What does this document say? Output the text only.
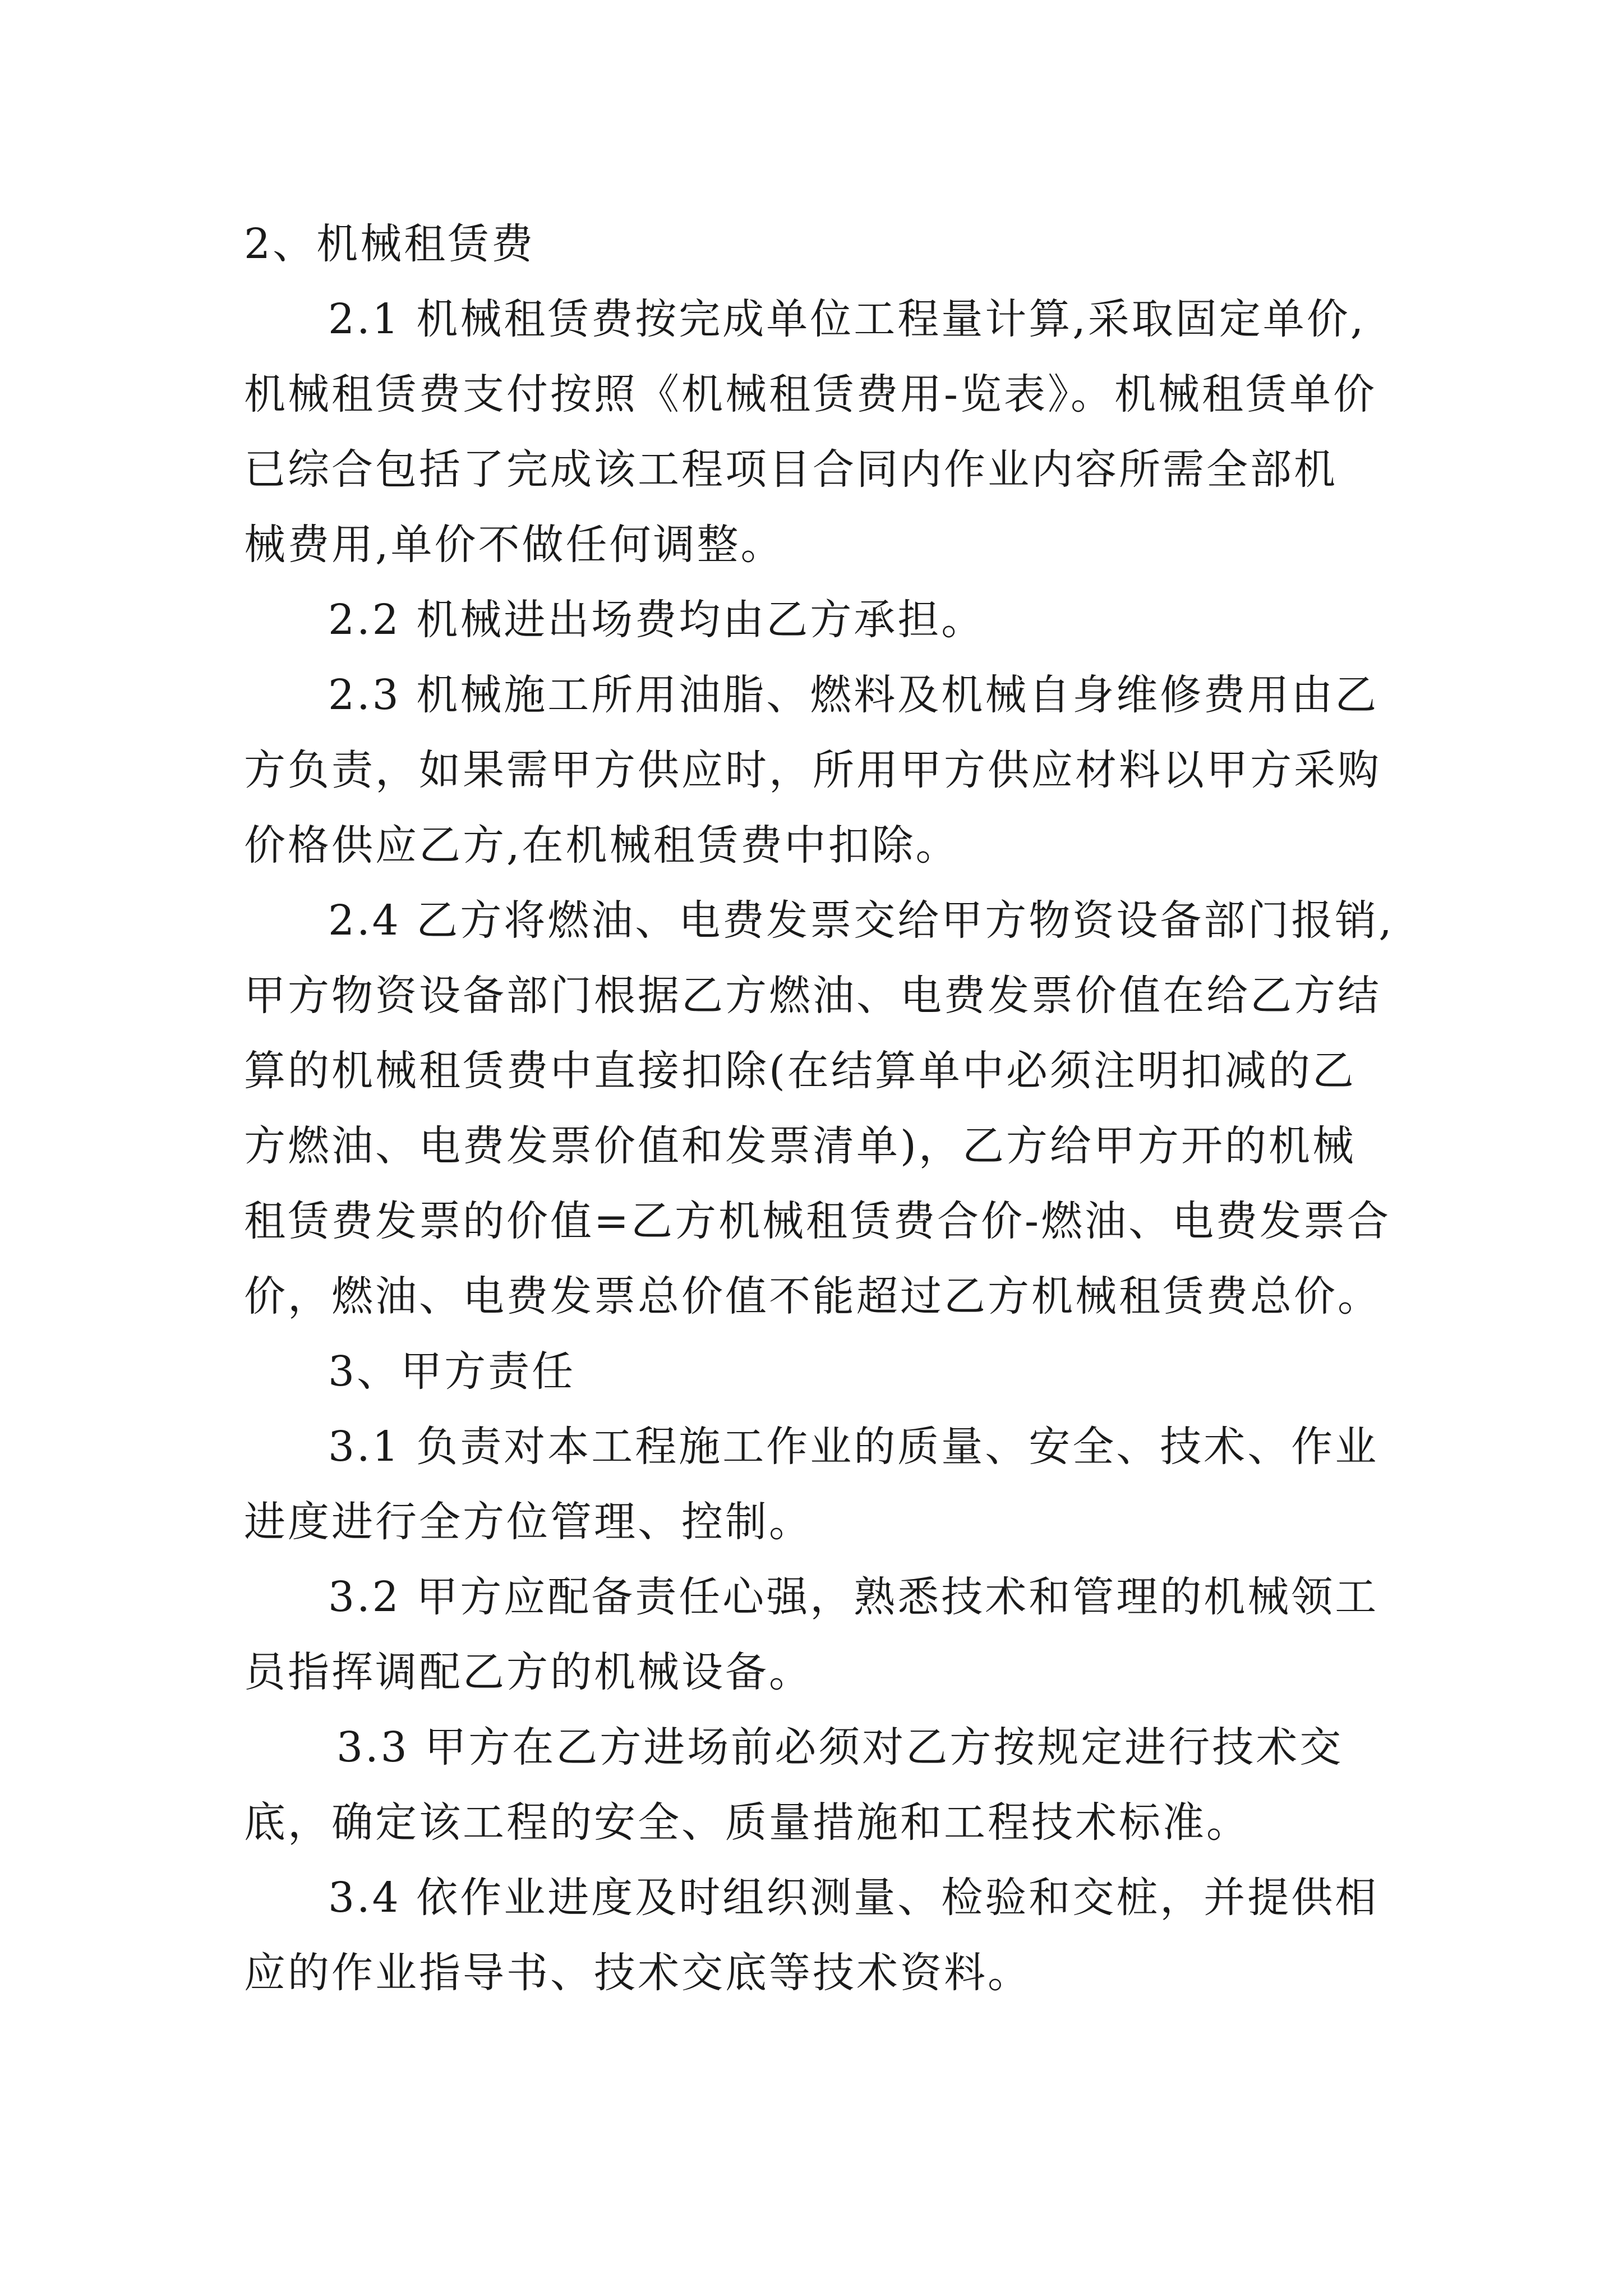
2、机械租赁费
2.1 机械租赁费按完成单位工程量计算,采取固定单价,
机械租赁费支付按照《机械租赁费用-览表》。机械租赁单价
已综合包括了完成该工程项目合同内作业内容所需全部机
械费用,单价不做任何调整。
2.2 机械进出场费均由乙方承担。
2.3 机械施工所用油脂、燃料及机械自身维修费用由乙
方负责，如果需甲方供应时，所用甲方供应材料以甲方采购
价格供应乙方,在机械租赁费中扣除。
2.4 乙方将燃油、电费发票交给甲方物资设备部门报销,
甲方物资设备部门根据乙方燃油、电费发票价值在给乙方结
算的机械租赁费中直接扣除(在结算单中必须注明扣减的乙
方燃油、电费发票价值和发票清单)，乙方给甲方开的机械
租赁费发票的价值=乙方机械租赁费合价-燃油、电费发票合
价，燃油、电费发票总价值不能超过乙方机械租赁费总价。
3、甲方责任
3.1 负责对本工程施工作业的质量、安全、技术、作业
进度进行全方位管理、控制。
3.2 甲方应配备责任心强，熟悉技术和管理的机械领工
员指挥调配乙方的机械设备。
3.3 甲方在乙方进场前必须对乙方按规定进行技术交
底，确定该工程的安全、质量措施和工程技术标准。
3.4 依作业进度及时组织测量、检验和交桩，并提供相
应的作业指导书、技术交底等技术资料。
